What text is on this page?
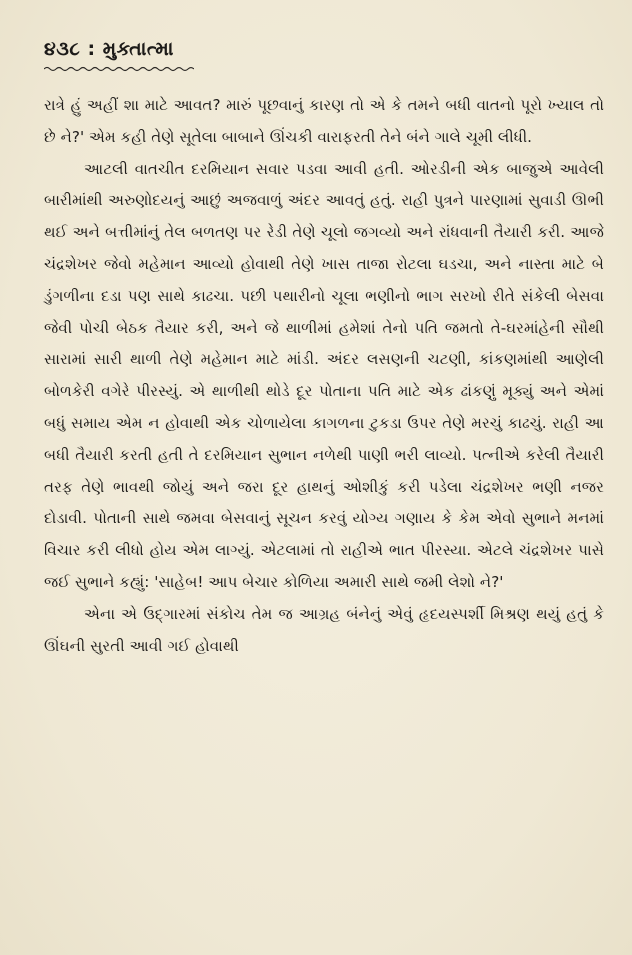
૪૩૮ : મુક્તાત્મા

રાત્રે હું અહીં શા માટે આવત? મારું પૂછવાનું કારણ તો એ કે તમને બધી વાતનો પૂરો ખ્યાલ તો છે ને?' એમ કહી તેણે સૂતેલા બાબાને ઊંચકી વારાફરતી તેને બંને ગાલે ચૂમી લીધી.

આટલી વાતચીત દરમિયાન સવાર પડવા આવી હતી. ઓરડીની એક બાજુએ આવેલી બારીમાંથી અરુણોદયનું આછું અજવાળું અંદર આવતું હતું. રાહી પુત્રને પારણામાં સુવાડી ઊભી થઈ અને બત્તીમાંનું તેલ બળતણ પર રેડી તેણે ચૂલો જગવ્યો અને રાંધવાની તૈયારી કરી. આજે ચંદ્રશેખર જેવો મહેમાન આવ્યો હોવાથી તેણે ખાસ તાજા રોટલા ઘડચા, અને નાસ્તા માટે બે ડુંગળીના દડા પણ સાથે કાઢચા. પછી પથારીનો ચૂલા ભણીનો ભાગ સરખો રીતે સંકેલી બેસવા જેવી પોચી બેઠક તૈયાર કરી, અને જે થાળીમાં હમેશાં તેનો પતિ જમતો તે-ઘરમાંહેની સૌથી સારામાં સારી થાળી તેણે મહેમાન માટે માંડી. અંદર લસણની ચટણી, કાંકણમાંથી આણેલી બોળકેરી વગેરે પીરસ્યું. એ થાળીથી થોડે દૂર પોતાના પતિ માટે એક ઢાંકણું મૂક્યું અને એમાં બધું સમાય એમ ન હોવાથી એક ચોળાયેલા કાગળના ટુકડા ઉપર તેણે મરચું કાઢચું. રાહી આ બધી તૈયારી કરતી હતી તે દરમિયાન સુભાન નળેથી પાણી ભરી લાવ્યો. પત્નીએ કરેલી તૈયારી તરફ તેણે ભાવથી જોયું અને જરા દૂર હાથનું ઓશીકું કરી પડેલા ચંદ્રશેખર ભણી નજર દોડાવી. પોતાની સાથે જમવા બેસવાનું સૂચન કરવું યોગ્ય ગણાય કે કેમ એવો સુભાને મનમાં વિચાર કરી લીધો હોય એમ લાગ્યું. એટલામાં તો રાહીએ ભાત પીરસ્યા. એટલે ચંદ્રશેખર પાસે જઈ સુભાને કહ્યું: 'સાહેબ! આપ બેચાર કોળિયા અમારી સાથે જમી લેશો ને?'

એના એ ઉદ્ગારમાં સંકોચ તેમ જ આગ્રહ બંનેનું એવું હૃદયસ્પર્શી મિશ્રણ થયું હતું કે ઊંઘની સુરતી આવી ગઈ હોવાથી
